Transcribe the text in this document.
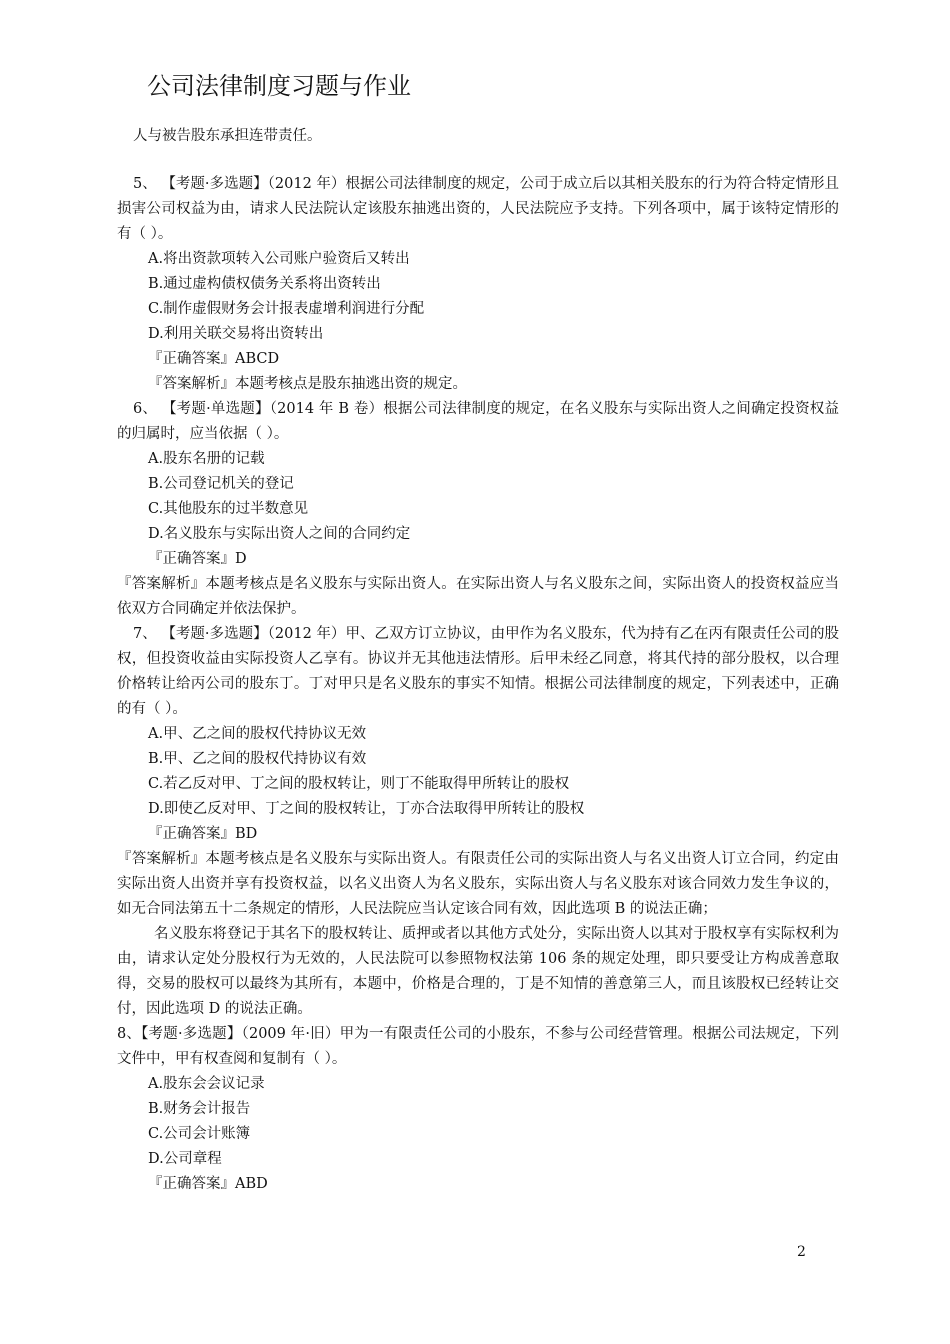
公司法律制度习题与作业

人与被告股东承担连带责任。

5、 【考题·多选题】（2012 年）根据公司法律制度的规定，公司于成立后以其相关股东的行为符合特定情形且损害公司权益为由，请求人民法院认定该股东抽逃出资的，人民法院应予支持。下列各项中，属于该特定情形的有（ ）。

A.将出资款项转入公司账户验资后又转出

B.通过虚构债权债务关系将出资转出

C.制作虚假财务会计报表虚增利润进行分配

D.利用关联交易将出资转出

『正确答案』ABCD

『答案解析』本题考核点是股东抽逃出资的规定。

6、 【考题·单选题】（2014 年 B 卷）根据公司法律制度的规定，在名义股东与实际出资人之间确定投资权益的归属时，应当依据（ ）。

A.股东名册的记载

B.公司登记机关的登记

C.其他股东的过半数意见

D.名义股东与实际出资人之间的合同约定

『正确答案』D

『答案解析』本题考核点是名义股东与实际出资人。在实际出资人与名义股东之间，实际出资人的投资权益应当依双方合同确定并依法保护。

7、 【考题·多选题】（2012 年）甲、乙双方订立协议，由甲作为名义股东，代为持有乙在丙有限责任公司的股权，但投资收益由实际投资人乙享有。协议并无其他违法情形。后甲未经乙同意，将其代持的部分股权，以合理价格转让给丙公司的股东丁。丁对甲只是名义股东的事实不知情。根据公司法律制度的规定，下列表述中，正确的有（ ）。

A.甲、乙之间的股权代持协议无效

B.甲、乙之间的股权代持协议有效

C.若乙反对甲、丁之间的股权转让，则丁不能取得甲所转让的股权

D.即使乙反对甲、丁之间的股权转让，丁亦合法取得甲所转让的股权

『正确答案』BD

『答案解析』本题考核点是名义股东与实际出资人。有限责任公司的实际出资人与名义出资人订立合同，约定由实际出资人出资并享有投资权益，以名义出资人为名义股东，实际出资人与名义股东对该合同效力发生争议的，如无合同法第五十二条规定的情形，人民法院应当认定该合同有效，因此选项 B 的说法正确；

名义股东将登记于其名下的股权转让、质押或者以其他方式处分，实际出资人以其对于股权享有实际权利为由，请求认定处分股权行为无效的，人民法院可以参照物权法第 106 条的规定处理，即只要受让方构成善意取得，交易的股权可以最终为其所有，本题中，价格是合理的，丁是不知情的善意第三人，而且该股权已经转让交付，因此选项 D 的说法正确。

8、【考题·多选题】（2009 年·旧）甲为一有限责任公司的小股东，不参与公司经营管理。根据公司法规定，下列文件中，甲有权查阅和复制有（ ）。

A.股东会会议记录

B.财务会计报告

C.公司会计账簿

D.公司章程

『正确答案』ABD

2
